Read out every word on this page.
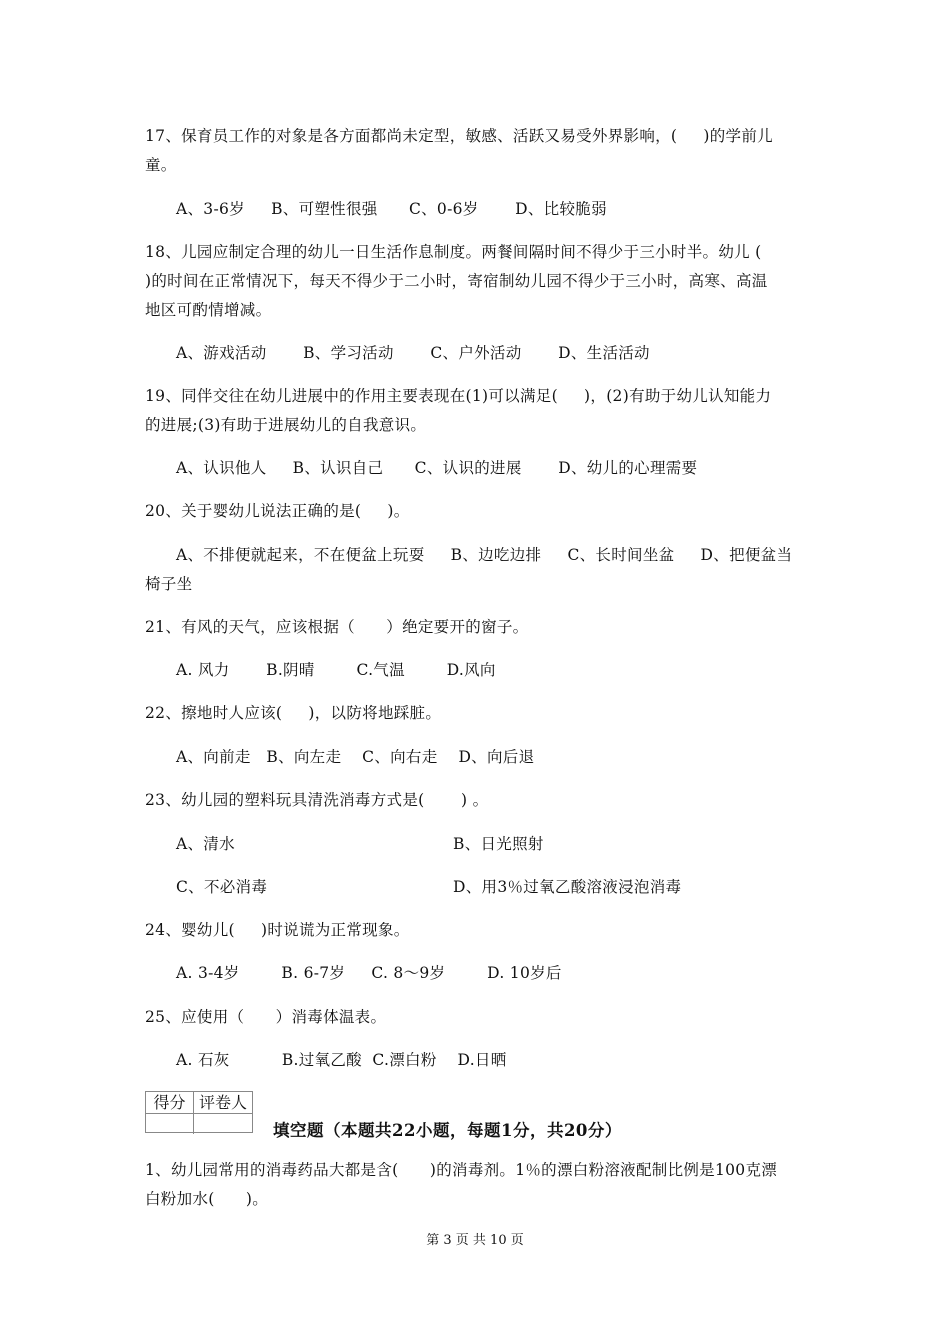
17、保育员工作的对象是各方面都尚未定型，敏感、活跃又易受外界影响，(     )的学前儿
童。
A、3-6岁     B、可塑性很强      C、0-6岁       D、比较脆弱
18、儿园应制定合理的幼儿一日生活作息制度。两餐间隔时间不得少于三小时半。幼儿 (
)的时间在正常情况下，每天不得少于二小时，寄宿制幼儿园不得少于三小时，高寒、高温
地区可酌情增减。
A、游戏活动       B、学习活动       C、户外活动       D、生活活动
19、同伴交往在幼儿进展中的作用主要表现在(1)可以满足(     )，(2)有助于幼儿认知能力
的进展;(3)有助于进展幼儿的自我意识。
A、认识他人     B、认识自己      C、认识的进展       D、幼儿的心理需要
20、关于婴幼儿说法正确的是(     )。
A、不排便就起来，不在便盆上玩耍     B、边吃边排     C、长时间坐盆     D、把便盆当
椅子坐
21、有风的天气，应该根据（      ）绝定要开的窗子。
A. 风力       B.阴晴        C.气温        D.风向
22、擦地时人应该(     )，以防将地踩脏。
A、向前走   B、向左走    C、向右走    D、向后退
23、幼儿园的塑料玩具清洗消毒方式是(       ) 。
A、清水	B、日光照射
C、不必消毒	D、用3％过氧乙酸溶液浸泡消毒
24、婴幼儿(     )时说谎为正常现象。
A. 3-4岁        B. 6-7岁     C. 8～9岁        D. 10岁后
25、应使用（      ）消毒体温表。
A. 石灰          B.过氧乙酸  C.漂白粉    D.日晒
得分 评卷人
填空题（本题共22小题，每题1分，共20分）
1、幼儿园常用的消毒药品大都是含(      )的消毒剂。1％的漂白粉溶液配制比例是100克漂
白粉加水(      )。
第 3 页 共 10 页
